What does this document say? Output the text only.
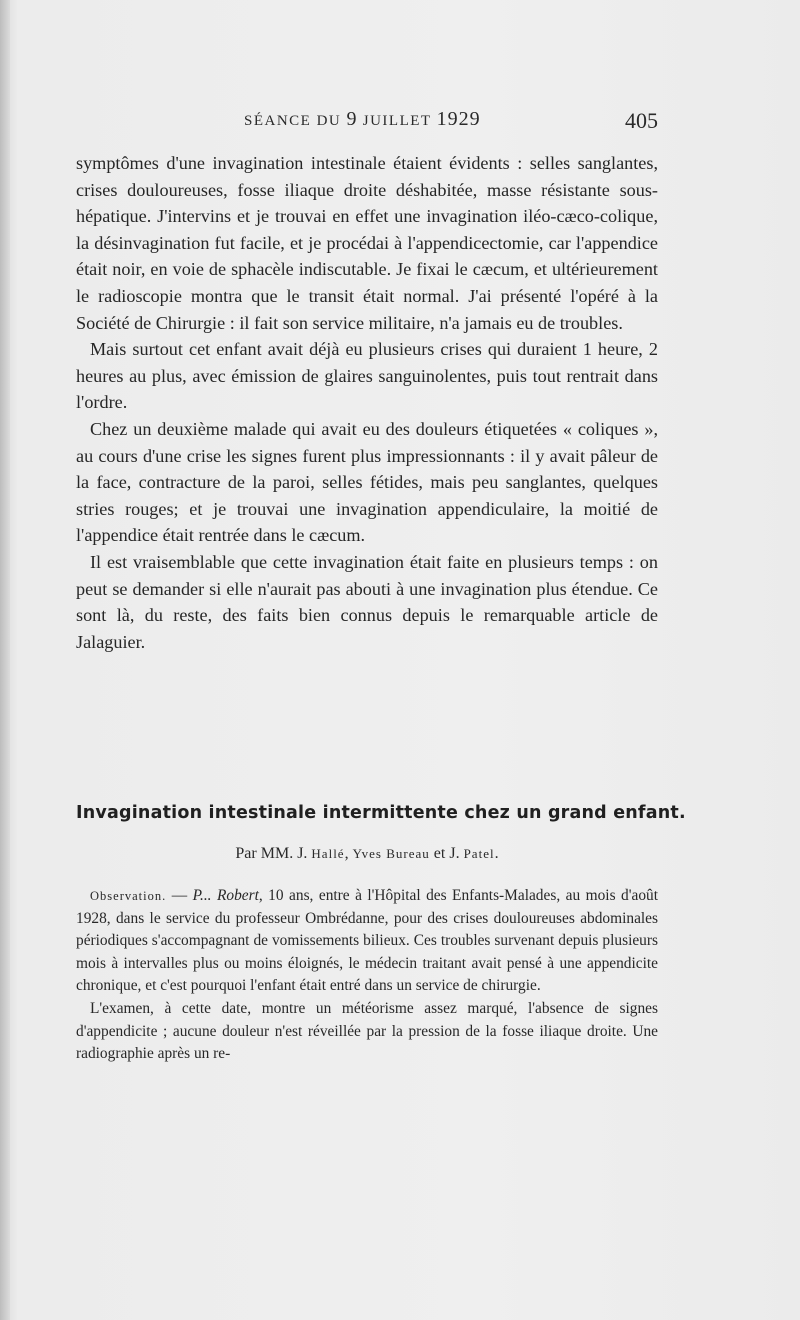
SÉANCE DU 9 JUILLET 1929	405

symptômes d'une invagination intestinale étaient évidents : selles sanglantes, crises douloureuses, fosse iliaque droite déshabitée, masse résistante sous-hépatique. J'intervins et je trouvai en effet une invagination iléo-cæco-colique, la désinvagination fut facile, et je procédai à l'appendicectomie, car l'appendice était noir, en voie de sphacèle indiscutable. Je fixai le cæcum, et ultérieurement le radioscopie montra que le transit était normal. J'ai présenté l'opéré à la Société de Chirurgie : il fait son service militaire, n'a jamais eu de troubles.

Mais surtout cet enfant avait déjà eu plusieurs crises qui duraient 1 heure, 2 heures au plus, avec émission de glaires sanguinolentes, puis tout rentrait dans l'ordre.

Chez un deuxième malade qui avait eu des douleurs étiquetées « coliques », au cours d'une crise les signes furent plus impressionnants : il y avait pâleur de la face, contracture de la paroi, selles fétides, mais peu sanglantes, quelques stries rouges; et je trouvai une invagination appendiculaire, la moitié de l'appendice était rentrée dans le cæcum.

Il est vraisemblable que cette invagination était faite en plusieurs temps : on peut se demander si elle n'aurait pas abouti à une invagination plus étendue. Ce sont là, du reste, des faits bien connus depuis le remarquable article de Jalaguier.

Invagination intestinale intermittente chez un grand enfant.
Par MM. J. Hallé, Yves Bureau et J. Patel.

Observation. — P... Robert, 10 ans, entre à l'Hôpital des Enfants-Malades, au mois d'août 1928, dans le service du professeur Ombrédanne, pour des crises douloureuses abdominales périodiques s'accompagnant de vomissements bilieux. Ces troubles survenant depuis plusieurs mois à intervalles plus ou moins éloignés, le médecin traitant avait pensé à une appendicite chronique, et c'est pourquoi l'enfant était entré dans un service de chirurgie.

L'examen, à cette date, montre un météorisme assez marqué, l'absence de signes d'appendicite ; aucune douleur n'est réveillée par la pression de la fosse iliaque droite. Une radiographie après un re-
